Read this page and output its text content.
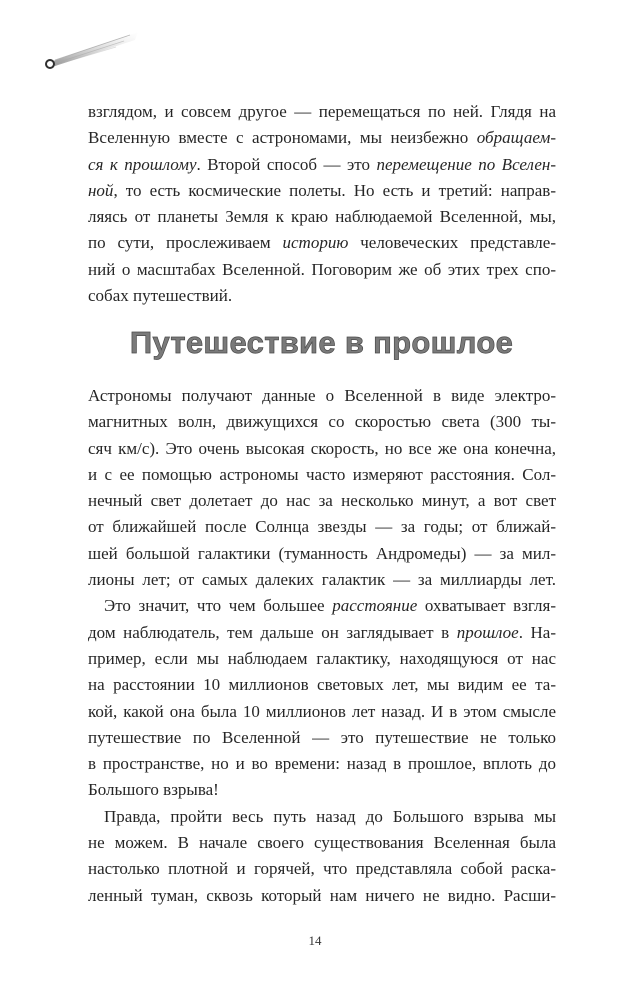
взглядом, и совсем другое — перемещаться по ней. Глядя на
Вселенную вместе с астрономами, мы неизбежно обращаем-
ся к прошлому. Второй способ — это перемещение по Вселен-
ной, то есть космические полеты. Но есть и третий: направ-
ляясь от планеты Земля к краю наблюдаемой Вселенной, мы,
по сути, прослеживаем историю человеческих представле-
ний о масштабах Вселенной. Поговорим же об этих трех спо-
собах путешествий.
Путешествие в прошлое
Астрономы получают данные о Вселенной в виде электро-
магнитных волн, движущихся со скоростью света (300 ты-
сяч км/с). Это очень высокая скорость, но все же она конечна,
и с ее помощью астрономы часто измеряют расстояния. Сол-
нечный свет долетает до нас за несколько минут, а вот свет
от ближайшей после Солнца звезды — за годы; от ближай-
шей большой галактики (туманность Андромеды) — за мил-
лионы лет; от самых далеких галактик — за миллиарды лет.
Это значит, что чем большее расстояние охватывает взгля-
дом наблюдатель, тем дальше он заглядывает в прошлое. На-
пример, если мы наблюдаем галактику, находящуюся от нас
на расстоянии 10 миллионов световых лет, мы видим ее та-
кой, какой она была 10 миллионов лет назад. И в этом смысле
путешествие по Вселенной — это путешествие не только
в пространстве, но и во времени: назад в прошлое, вплоть до
Большого взрыва!
Правда, пройти весь путь назад до Большого взрыва мы
не можем. В начале своего существования Вселенная была
настолько плотной и горячей, что представляла собой раска-
ленный туман, сквозь который нам ничего не видно. Расши-
14
